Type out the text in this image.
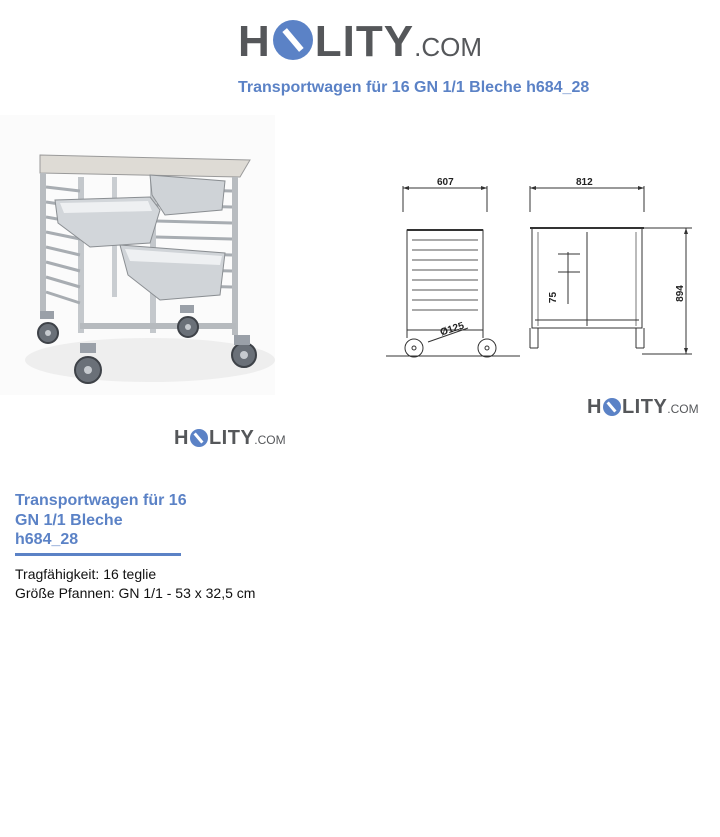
H LITY .COM
Transportwagen für 16 GN 1/1 Bleche h684_28
H LITY .COM
607	812
894
75
Ø125
H LITY .COM
Transportwagen für 16
GN 1/1 Bleche
h684_28
Tragfähigkeit: 16 teglie
Größe Pfannen: GN 1/1 - 53 x 32,5 cm
